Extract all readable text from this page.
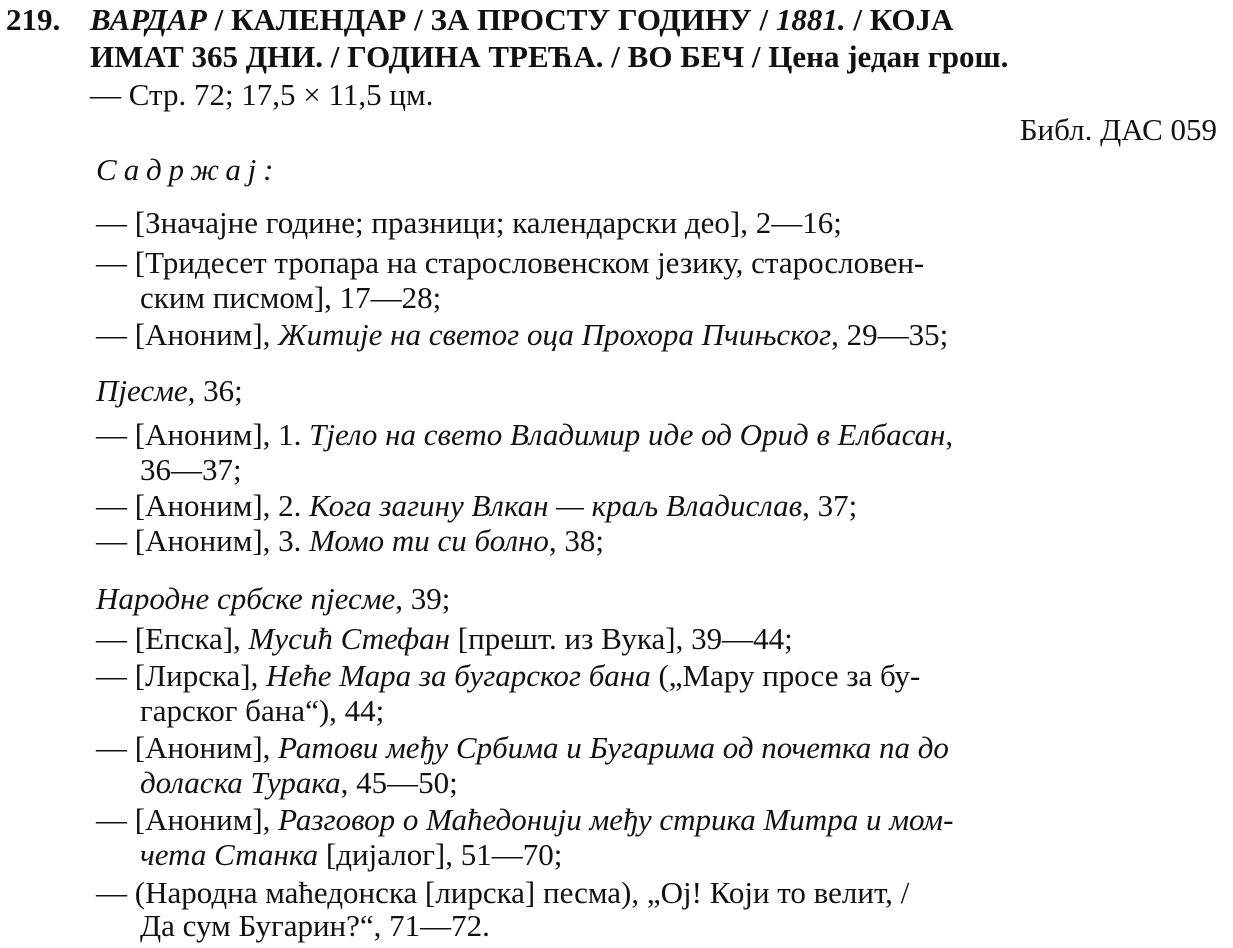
219. ВАРДАР / КАЛЕНДАР / ЗА ПРОСТУ ГОДИНУ / 1881. / КОЈА
ИМАТ 365 ДНИ. / ГОДИНА ТРЕЋА. / ВО БЕЧ / Цена један грош.
— Стр. 72; 17,5 × 11,5 цм.
Библ. ДАС 059
Садржај:
— [Значајне године; празници; календарски део], 2—16;
— [Тридесет тропара на старословенском језику, старословен-
ским писмом], 17—28;
— [Аноним], Житије на светог оца Прохора Пчињског, 29—35;
Пјесме, 36;
— [Аноним], 1. Тјело на свето Владимир иде од Орид в Елбасан,
36—37;
— [Аноним], 2. Кога загину Влкан — краљ Владислав, 37;
— [Аноним], 3. Момо ти си болно, 38;
Народне србске пјесме, 39;
— [Епска], Мусић Стефан [прешт. из Вука], 39—44;
— [Лирска], Неће Мара за бугарског бана („Мару просе за бу-
гарског бана“), 44;
— [Аноним], Ратови међу Србима и Бугарима од почетка па до
доласка Турака, 45—50;
— [Аноним], Разговор о Маћедонији међу стрика Митра и мом-
чета Станка [дијалог], 51—70;
— (Народна маћедонска [лирска] песма), „Ој! Који то велит, /
Да сум Бугарин?“, 71—72.
